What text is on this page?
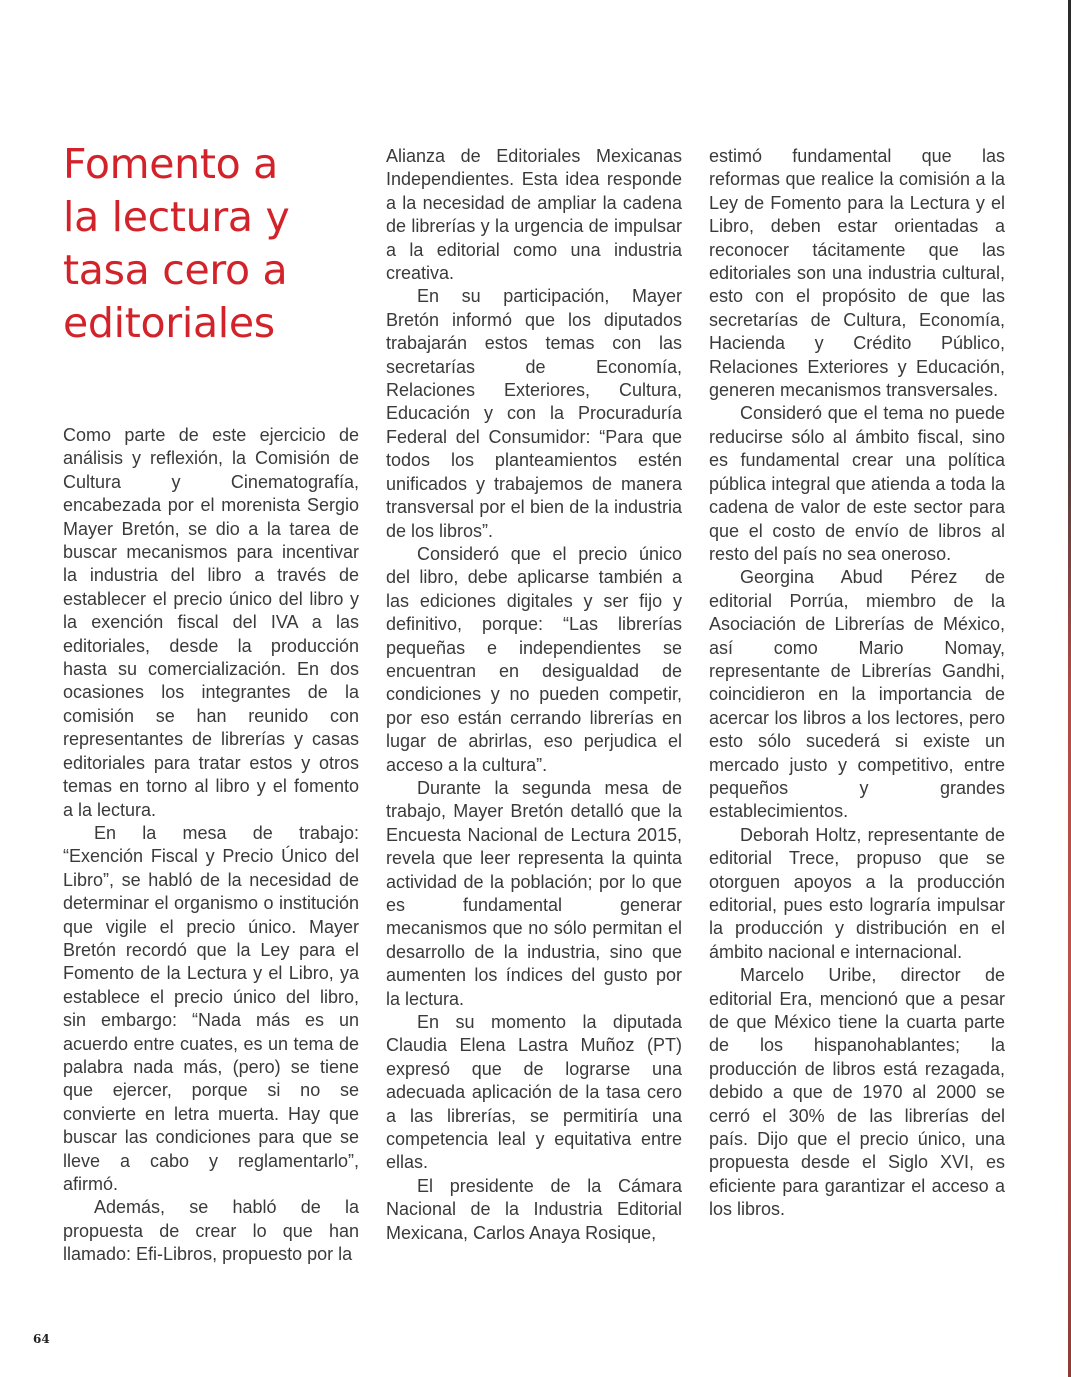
Fomento a
la lectura y
tasa cero a
editoriales

Como parte de este ejercicio de análisis y reflexión, la Comisión de Cultura y Cinematografía, encabezada por el morenista Sergio Mayer Bretón, se dio a la tarea de buscar mecanismos para incentivar la industria del libro a través de establecer el precio único del libro y la exención fiscal del IVA a las editoriales, desde la producción hasta su comercialización. En dos ocasiones los integrantes de la comisión se han reunido con representantes de librerías y casas editoriales para tratar estos y otros temas en torno al libro y el fomento a la lectura.

En la mesa de trabajo: “Exención Fiscal y Precio Único del Libro”, se habló de la necesidad de determinar el organismo o institución que vigile el precio único. Mayer Bretón recordó que la Ley para el Fomento de la Lectura y el Libro, ya establece el precio único del libro, sin embargo: “Nada más es un acuerdo entre cuates, es un tema de palabra nada más, (pero) se tiene que ejercer, porque si no se convierte en letra muerta. Hay que buscar las condiciones para que se lleve a cabo y reglamentarlo”, afirmó.

Además, se habló de la propuesta de crear lo que han llamado: Efi-Libros, propuesto por la

Alianza de Editoriales Mexicanas Independientes. Esta idea responde a la necesidad de ampliar la cadena de librerías y la urgencia de impulsar a la editorial como una industria creativa.

En su participación, Mayer Bretón informó que los diputados trabajarán estos temas con las secretarías de Economía, Relaciones Exteriores, Cultura, Educación y con la Procuraduría Federal del Consumidor: “Para que todos los planteamientos estén unificados y trabajemos de manera transversal por el bien de la industria de los libros”.

Consideró que el precio único del libro, debe aplicarse también a las ediciones digitales y ser fijo y definitivo, porque: “Las librerías pequeñas e independientes se encuentran en desigualdad de condiciones y no pueden competir, por eso están cerrando librerías en lugar de abrirlas, eso perjudica el acceso a la cultura”.

Durante la segunda mesa de trabajo, Mayer Bretón detalló que la Encuesta Nacional de Lectura 2015, revela que leer representa la quinta actividad de la población; por lo que es fundamental generar mecanismos que no sólo permitan el desarrollo de la industria, sino que aumenten los índices del gusto por la lectura.

En su momento la diputada Claudia Elena Lastra Muñoz (PT) expresó que de lograrse una adecuada aplicación de la tasa cero a las librerías, se permitiría una competencia leal y equitativa entre ellas.

El presidente de la Cámara Nacional de la Industria Editorial Mexicana, Carlos Anaya Rosique,

estimó fundamental que las reformas que realice la comisión a la Ley de Fomento para la Lectura y el Libro, deben estar orientadas a reconocer tácitamente que las editoriales son una industria cultural, esto con el propósito de que las secretarías de Cultura, Economía, Hacienda y Crédito Público, Relaciones Exteriores y Educación, generen mecanismos transversales.

Consideró que el tema no puede reducirse sólo al ámbito fiscal, sino es fundamental crear una política pública integral que atienda a toda la cadena de valor de este sector para que el costo de envío de libros al resto del país no sea oneroso.

Georgina Abud Pérez de editorial Porrúa, miembro de la Asociación de Librerías de México, así como Mario Nomay, representante de Librerías Gandhi, coincidieron en la importancia de acercar los libros a los lectores, pero esto sólo sucederá si existe un mercado justo y competitivo, entre pequeños y grandes establecimientos.

Deborah Holtz, representante de editorial Trece, propuso que se otorguen apoyos a la producción editorial, pues esto lograría impulsar la producción y distribución en el ámbito nacional e internacional.

Marcelo Uribe, director de editorial Era, mencionó que a pesar de que México tiene la cuarta parte de los hispanohablantes; la producción de libros está rezagada, debido a que de 1970 al 2000 se cerró el 30% de las librerías del país. Dijo que el precio único, una propuesta desde el Siglo XVI, es eficiente para garantizar el acceso a los libros.

64
